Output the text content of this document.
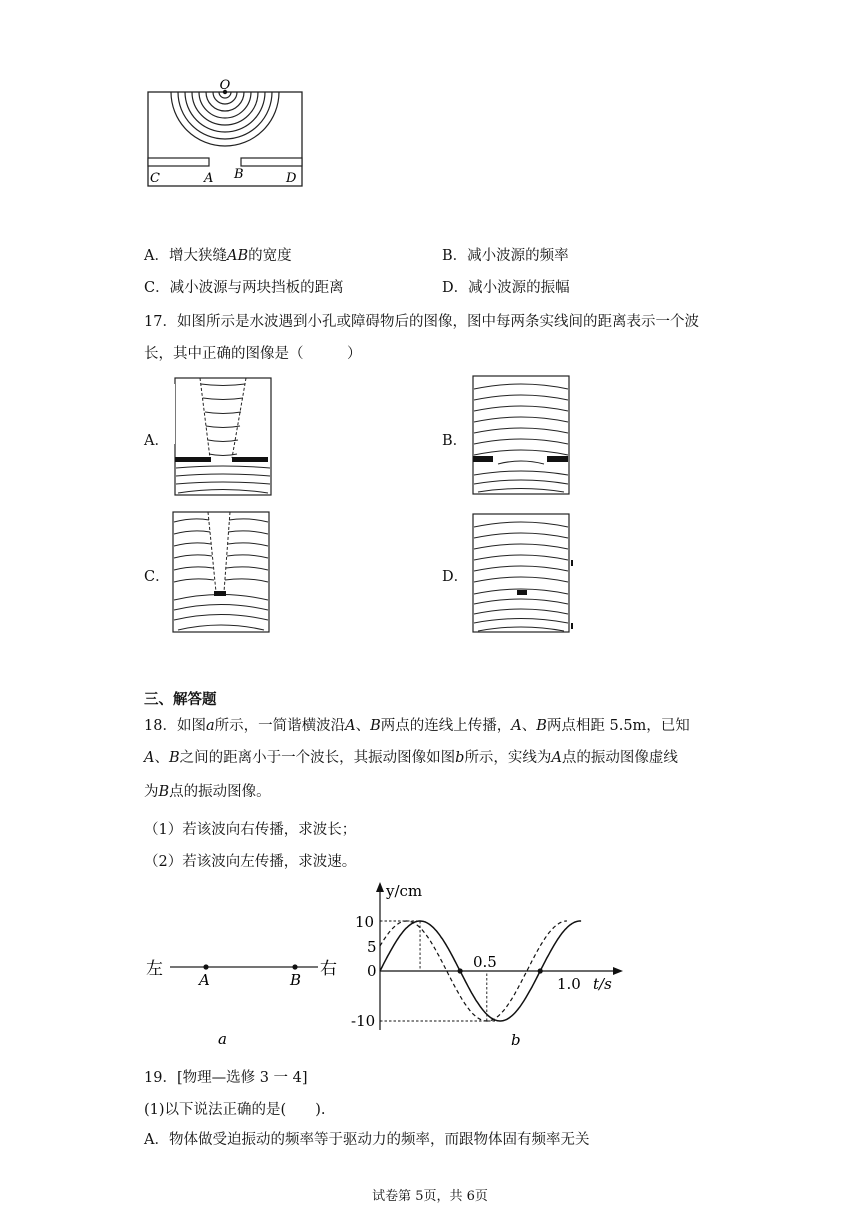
O
C	A B	D
A．增大狭缝AB的宽度	B．减小波源的频率
C．减小波源与两块挡板的距离	D．减小波源的振幅
17．如图所示是水波遇到小孔或障碍物后的图像，图中每两条实线间的距离表示一个波
长，其中正确的图像是（　　　）
A．	B．
C．	D．
三、解答题
18．如图a所示，一简谐横波沿A、B两点的连线上传播，A、B两点相距 5.5m，已知
A、B之间的距离小于一个波长，其振动图像如图b所示，实线为A点的振动图像虚线
为B点的振动图像。
（1）若该波向右传播，求波长；
（2）若该波向左传播，求波速。
左	右
A	B
a
y/cm
10
5
0
-10
0.5
1.0 t/s
b
19．[物理—选修 3 一 4]
(1)以下说法正确的是(　　).
A．物体做受迫振动的频率等于驱动力的频率，而跟物体固有频率无关
试卷第 5页，共 6页
